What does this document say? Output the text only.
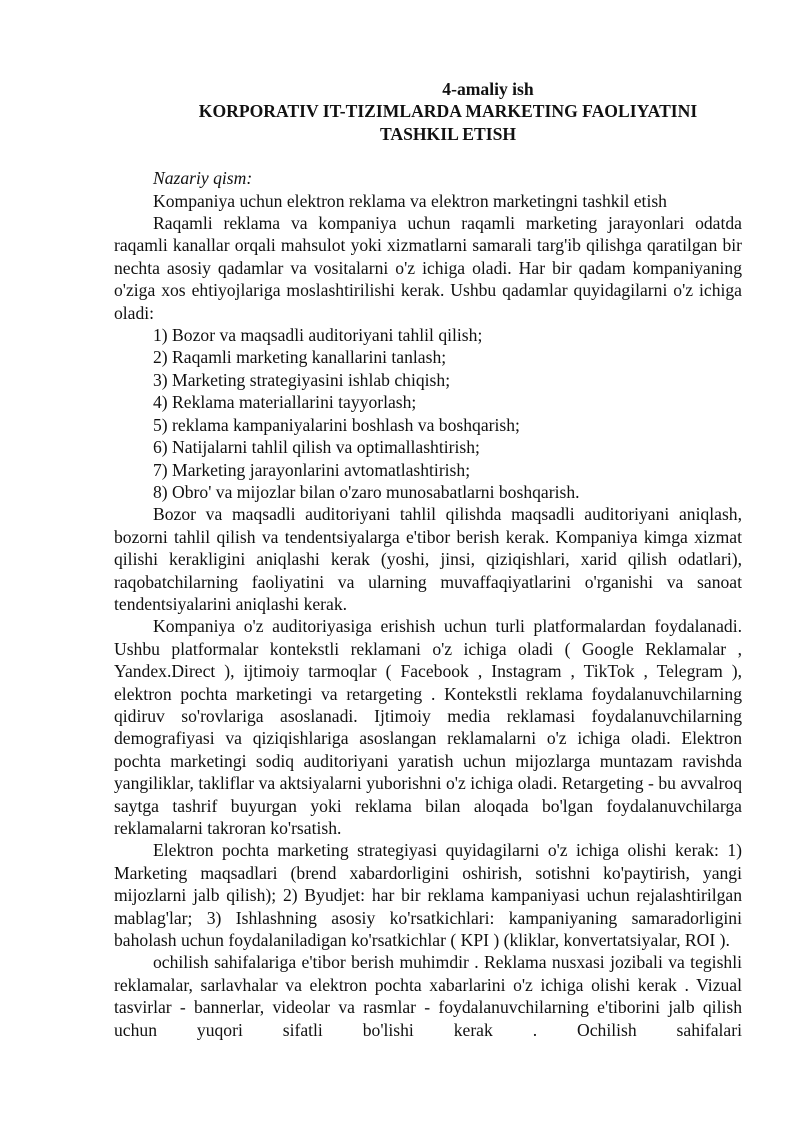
4-amaliy ish
KORPORATIV IT-TIZIMLARDA MARKETING FAOLIYATINI
TASHKIL ETISH

Nazariy qism:

Kompaniya uchun elektron reklama va elektron marketingni tashkil etish

Raqamli reklama va kompaniya uchun raqamli marketing jarayonlari odatda raqamli kanallar orqali mahsulot yoki xizmatlarni samarali targ'ib qilishga qaratilgan bir nechta asosiy qadamlar va vositalarni o'z ichiga oladi. Har bir qadam kompaniyaning o'ziga xos ehtiyojlariga moslashtirilishi kerak. Ushbu qadamlar quyidagilarni o'z ichiga oladi:

1) Bozor va maqsadli auditoriyani tahlil qilish;
2) Raqamli marketing kanallarini tanlash;
3) Marketing strategiyasini ishlab chiqish;
4) Reklama materiallarini tayyorlash;
5) reklama kampaniyalarini boshlash va boshqarish;
6) Natijalarni tahlil qilish va optimallashtirish;
7) Marketing jarayonlarini avtomatlashtirish;
8) Obro' va mijozlar bilan o'zaro munosabatlarni boshqarish.

Bozor va maqsadli auditoriyani tahlil qilishda maqsadli auditoriyani aniqlash, bozorni tahlil qilish va tendentsiyalarga e'tibor berish kerak. Kompaniya kimga xizmat qilishi kerakligini aniqlashi kerak (yoshi, jinsi, qiziqishlari, xarid qilish odatlari), raqobatchilarning faoliyatini va ularning muvaffaqiyatlarini o'rganishi va sanoat tendentsiyalarini aniqlashi kerak.

Kompaniya o'z auditoriyasiga erishish uchun turli platformalardan foydalanadi. Ushbu platformalar kontekstli reklamani o'z ichiga oladi ( Google Reklamalar , Yandex.Direct ), ijtimoiy tarmoqlar ( Facebook , Instagram , TikTok , Telegram ), elektron pochta marketingi va retargeting . Kontekstli reklama foydalanuvchilarning qidiruv so'rovlariga asoslanadi. Ijtimoiy media reklamasi foydalanuvchilarning demografiyasi va qiziqishlariga asoslangan reklamalarni o'z ichiga oladi. Elektron pochta marketingi sodiq auditoriyani yaratish uchun mijozlarga muntazam ravishda yangiliklar, takliflar va aktsiyalarni yuborishni o'z ichiga oladi. Retargeting - bu avvalroq saytga tashrif buyurgan yoki reklama bilan aloqada bo'lgan foydalanuvchilarga reklamalarni takroran ko'rsatish.

Elektron pochta marketing strategiyasi quyidagilarni o'z ichiga olishi kerak: 1) Marketing maqsadlari (brend xabardorligini oshirish, sotishni ko'paytirish, yangi mijozlarni jalb qilish); 2) Byudjet: har bir reklama kampaniyasi uchun rejalashtirilgan mablag'lar; 3) Ishlashning asosiy ko'rsatkichlari: kampaniyaning samaradorligini baholash uchun foydalaniladigan ko'rsatkichlar ( KPI ) (kliklar, konvertatsiyalar, ROI ).

ochilish sahifalariga e'tibor berish muhimdir . Reklama nusxasi jozibali va tegishli reklamalar, sarlavhalar va elektron pochta xabarlarini o'z ichiga olishi kerak . Vizual tasvirlar - bannerlar, videolar va rasmlar - foydalanuvchilarning e'tiborini jalb qilish uchun yuqori sifatli bo'lishi kerak . Ochilish sahifalari
